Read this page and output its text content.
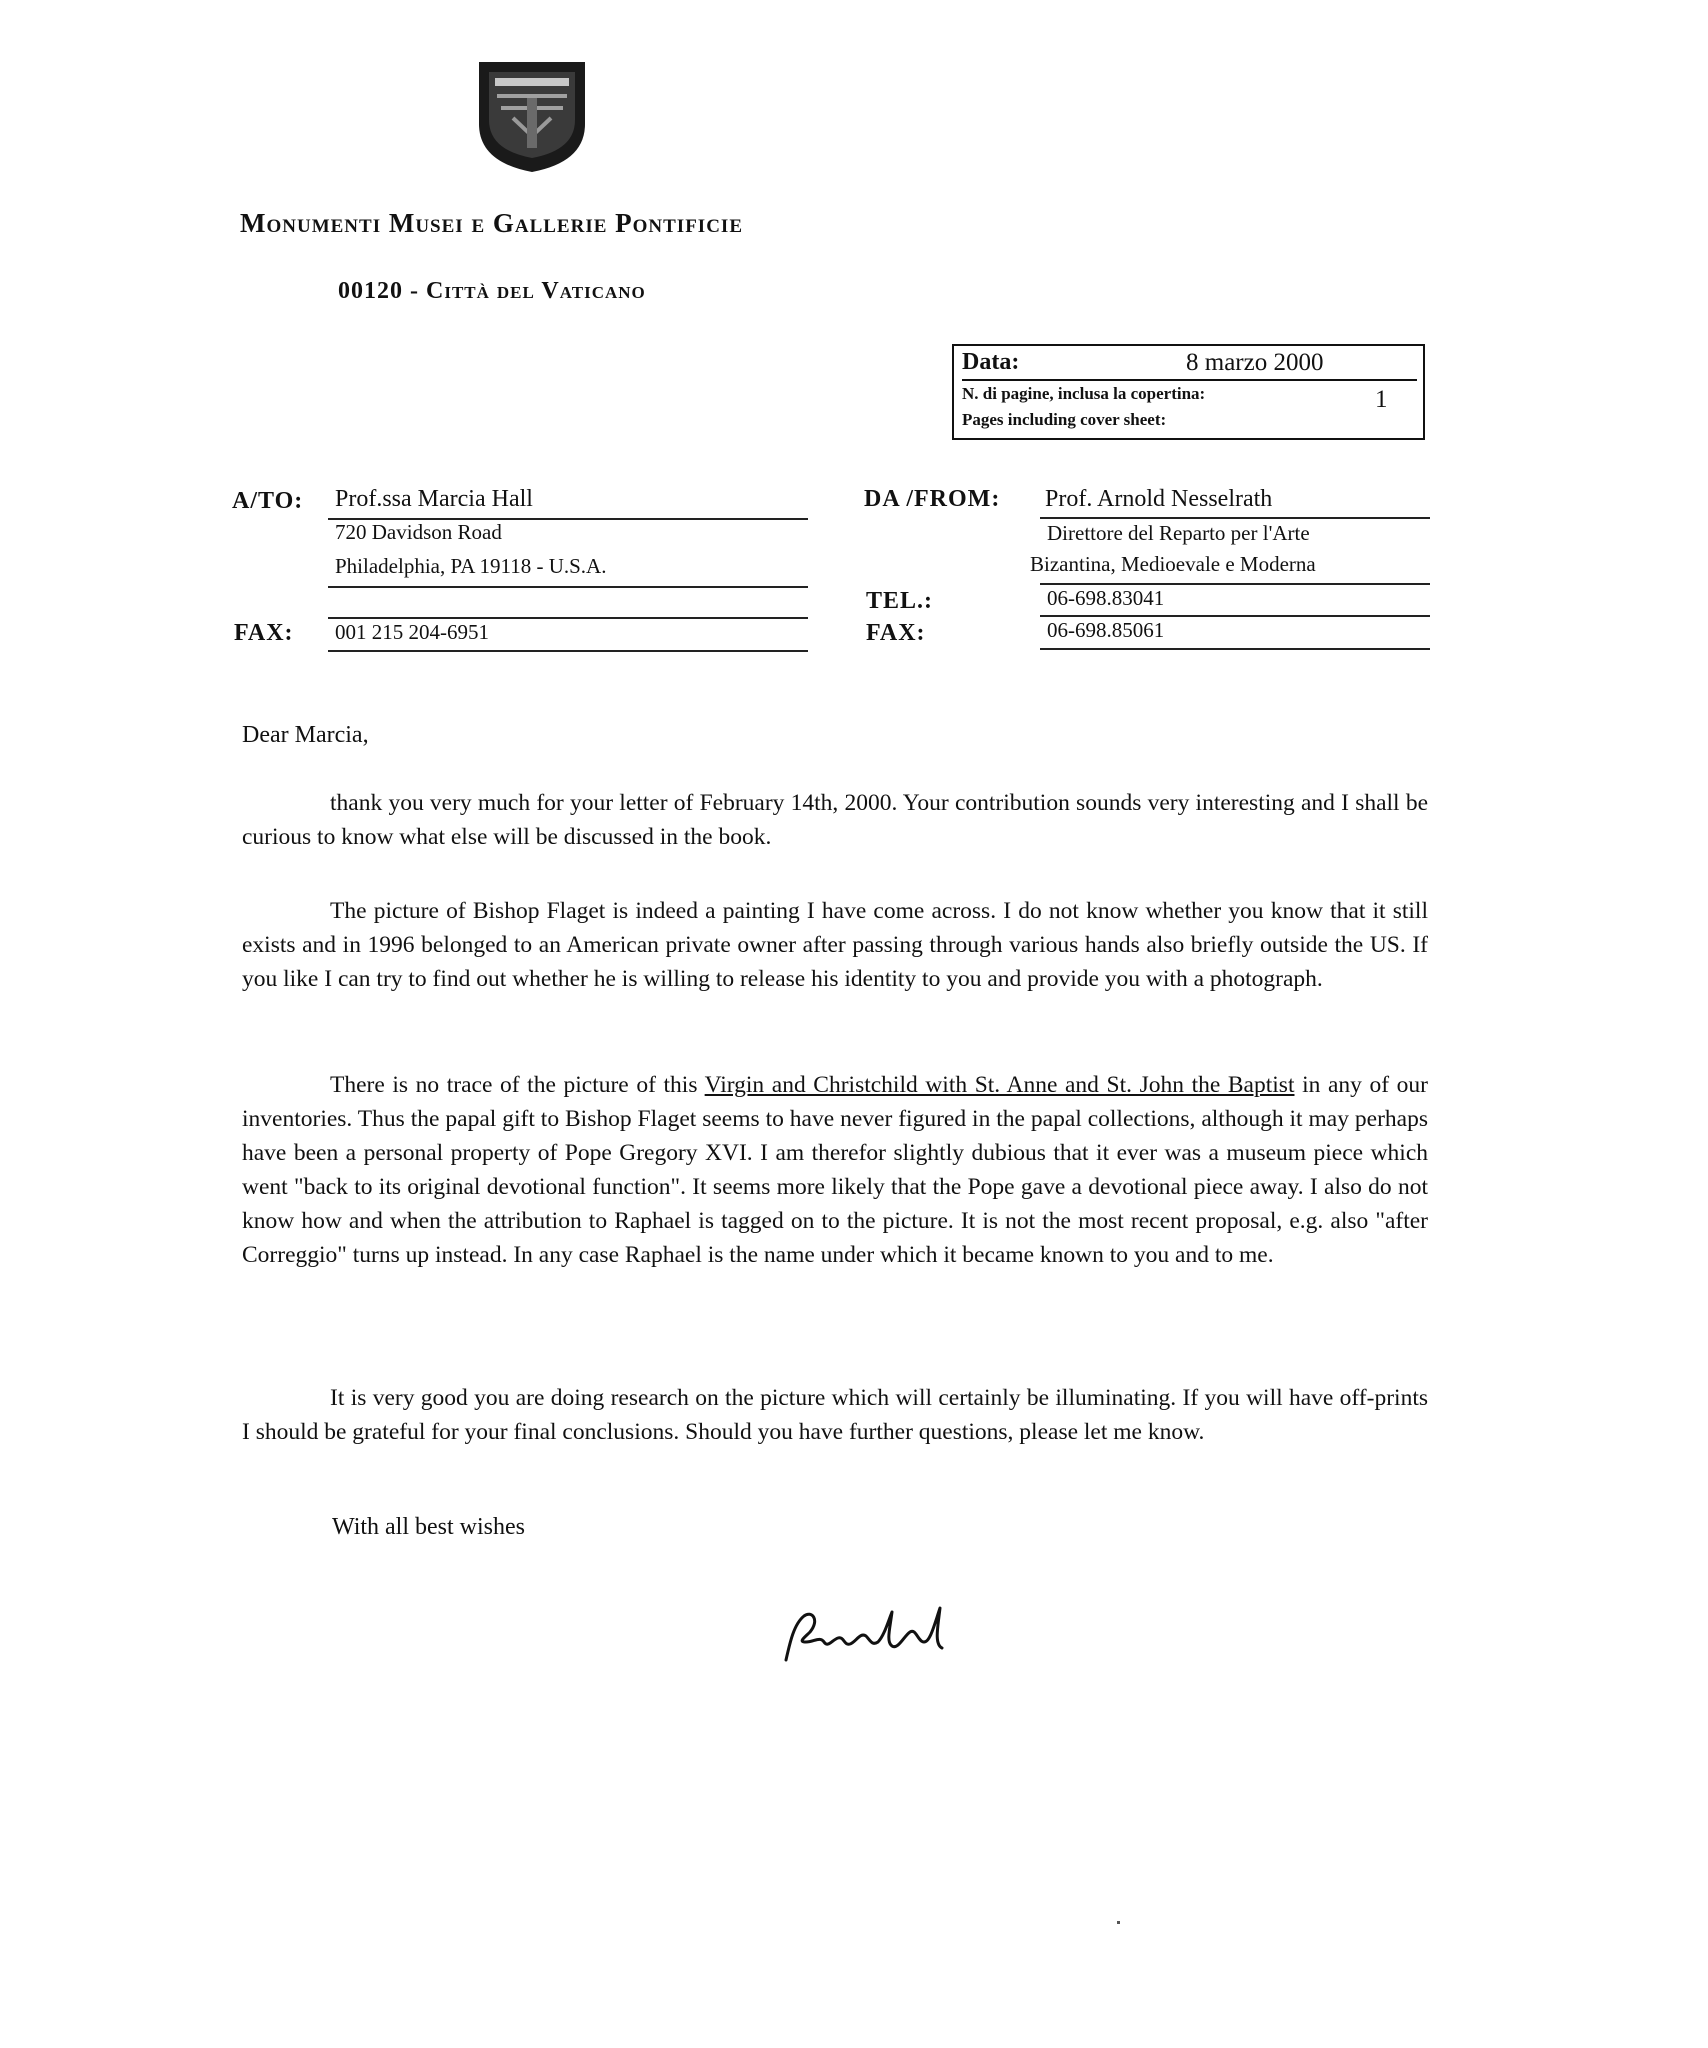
Monumenti Musei e Gallerie Pontificie
00120 - Città del Vaticano
Data:	8 marzo 2000
N. di pagine, inclusa la copertina:
Pages including cover sheet:
1
A/TO: Prof.ssa Marcia Hall
720 Davidson Road
Philadelphia, PA 19118 - U.S.A.
FAX: 001 215 204-6951
DA /FROM: Prof. Arnold Nesselrath
Direttore del Reparto per l'Arte
Bizantina, Medioevale e Moderna
TEL.:	06-698.83041
FAX:	06-698.85061
Dear Marcia,

thank you very much for your letter of February 14th, 2000. Your contribution sounds very interesting and I shall be curious to know what else will be discussed in the book.

The picture of Bishop Flaget is indeed a painting I have come across. I do not know whether you know that it still exists and in 1996 belonged to an American private owner after passing through various hands also briefly outside the US. If you like I can try to find out whether he is willing to release his identity to you and provide you with a photograph.

There is no trace of the picture of this Virgin and Christchild with St. Anne and St. John the Baptist in any of our inventories. Thus the papal gift to Bishop Flaget seems to have never figured in the papal collections, although it may perhaps have been a personal property of Pope Gregory XVI. I am therefor slightly dubious that it ever was a museum piece which went "back to its original devotional function". It seems more likely that the Pope gave a devotional piece away. I also do not know how and when the attribution to Raphael is tagged on to the picture. It is not the most recent proposal, e.g. also "after Correggio" turns up instead. In any case Raphael is the name under which it became known to you and to me.

It is very good you are doing research on the picture which will certainly be illuminating. If you will have off-prints I should be grateful for your final conclusions. Should you have further questions, please let me know.

With all best wishes
